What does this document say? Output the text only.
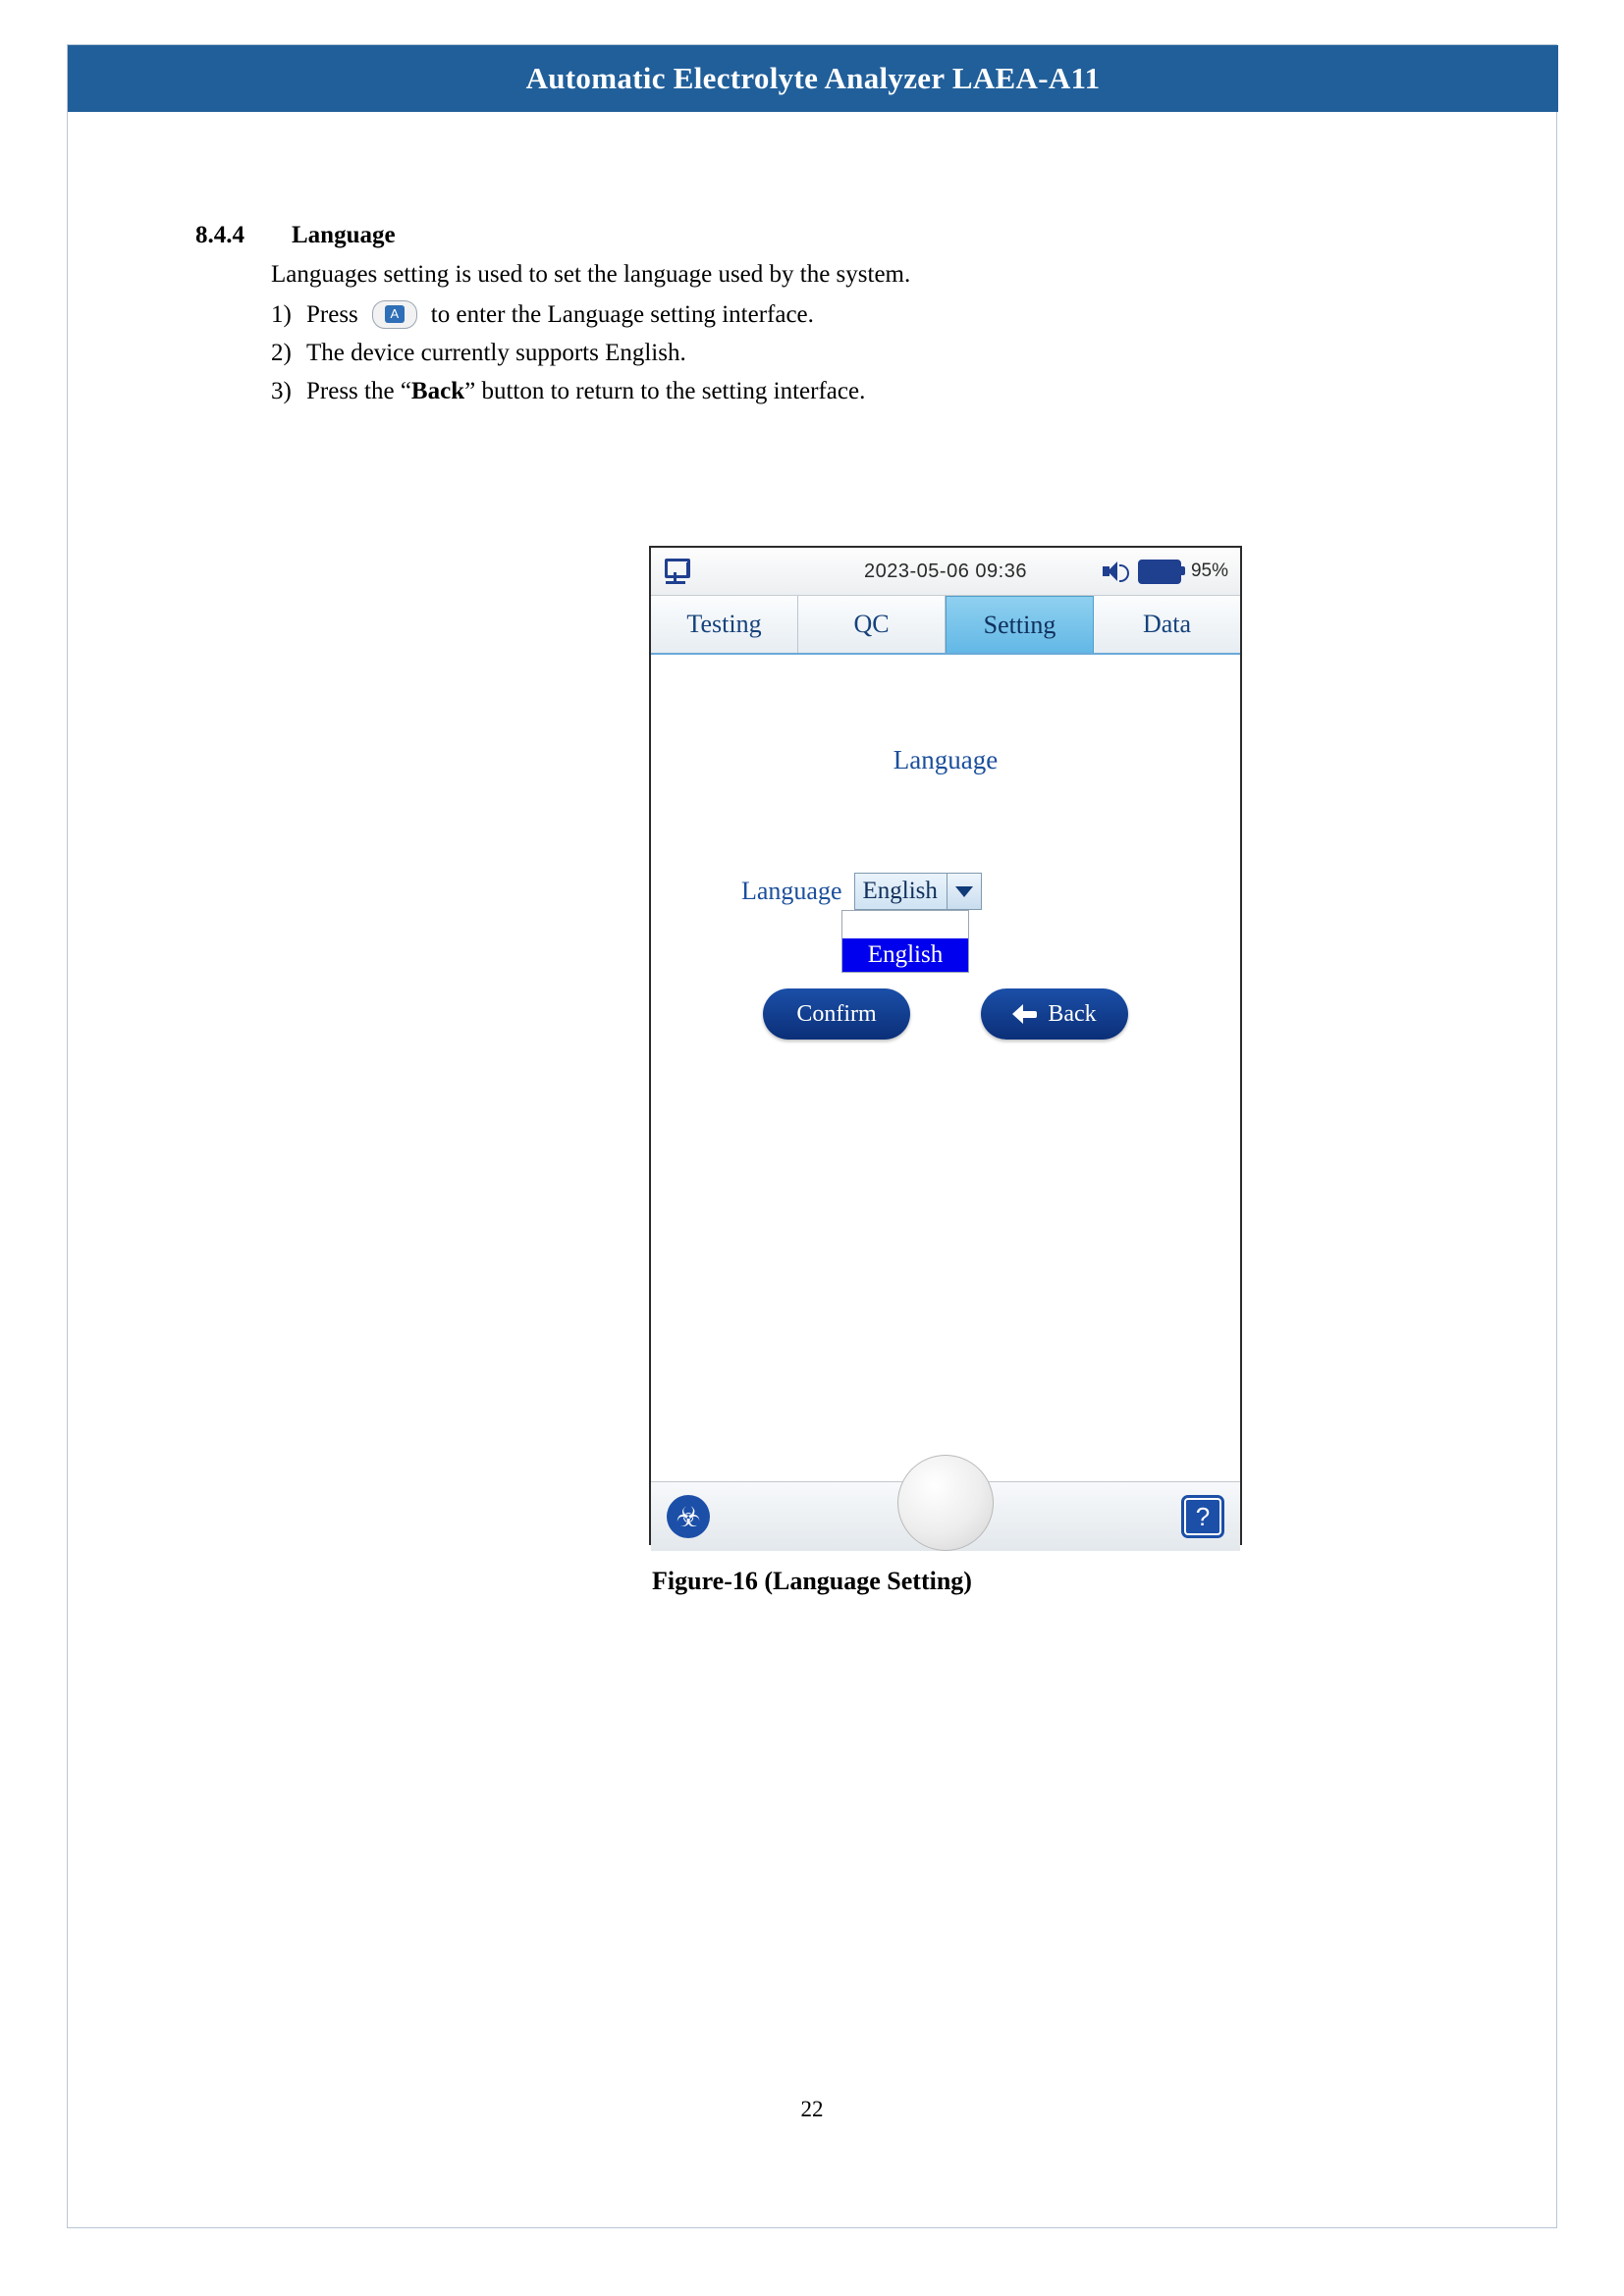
Automatic Electrolyte Analyzer LAEA-A11
8.4.4 Language
Languages setting is used to set the language used by the system.
1) Press	A to enter the Language setting interface.
2) The device currently supports English.
3) Press the “ Back ” button to return to the setting interface.
2023-05-06 09:36	95%
Testing	QC	Setting	Data
Language
Language English
English
Confirm	Back
☣	?
Figure-16 (Language Setting)
22
